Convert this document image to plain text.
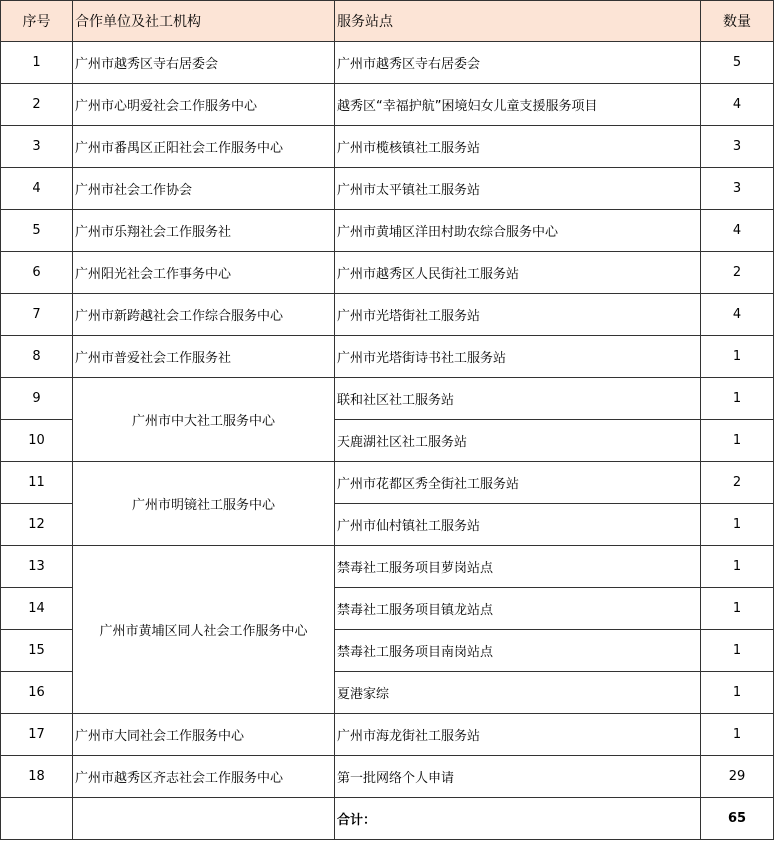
序号	合作单位及社工机构	服务站点	数量
1	广州市越秀区寺右居委会	广州市越秀区寺右居委会	5
2	广州市心明爱社会工作服务中心	越秀区“幸福护航”困境妇女儿童支援服务项目	4
3	广州市番禺区正阳社会工作服务中心	广州市榄核镇社工服务站	3
4	广州市社会工作协会	广州市太平镇社工服务站	3
5	广州市乐翔社会工作服务社	广州市黄埔区洋田村助农综合服务中心	4
6	广州阳光社会工作事务中心	广州市越秀区人民街社工服务站	2
7	广州市新跨越社会工作综合服务中心	广州市光塔街社工服务站	4
8	广州市普爱社会工作服务社	广州市光塔街诗书社工服务站	1
9	广州市中大社工服务中心	联和社区社工服务站	1
10		天鹿湖社区社工服务站	1
11	广州市明镜社工服务中心	广州市花都区秀全街社工服务站	2
12		广州市仙村镇社工服务站	1
13	广州市黄埔区同人社会工作服务中心	禁毒社工服务项目萝岗站点	1
14		禁毒社工服务项目镇龙站点	1
15		禁毒社工服务项目南岗站点	1
16		夏港家综	1
17	广州市大同社会工作服务中心	广州市海龙街社工服务站	1
18	广州市越秀区齐志社会工作服务中心	第一批网络个人申请	29
		合计：	65
